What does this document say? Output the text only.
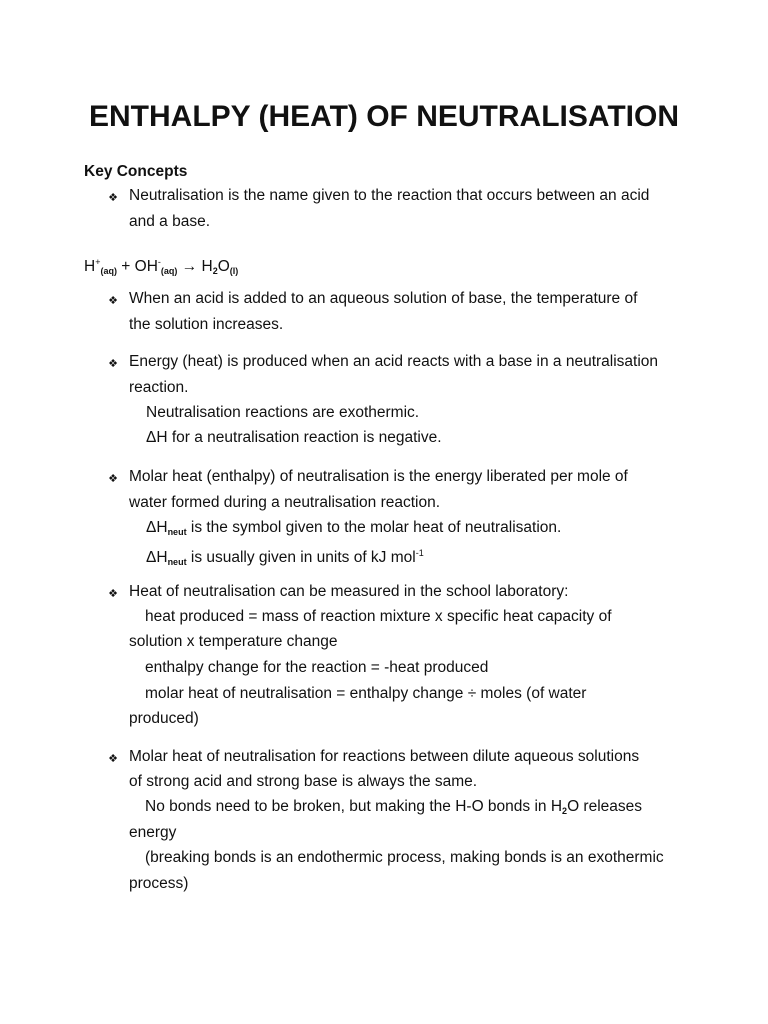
ENTHALPY (HEAT) OF NEUTRALISATION
Key Concepts
❖ Neutralisation is the name given to the reaction that occurs between an acid
and a base.
$H^+_{(aq)} + OH^-_{(aq)} \to H_2O_{(l)}$
❖ When an acid is added to an aqueous solution of base, the temperature of
the solution increases.
❖ Energy (heat) is produced when an acid reacts with a base in a neutralisation
reaction.
Neutralisation reactions are exothermic.
ΔH for a neutralisation reaction is negative.
❖ Molar heat (enthalpy) of neutralisation is the energy liberated per mole of
water formed during a neutralisation reaction.
$\Delta H_{neut}$ is the symbol given to the molar heat of neutralisation.
$\Delta H_{neut}$ is usually given in units of kJ mol$^{-1}$
❖ Heat of neutralisation can be measured in the school laboratory:
heat produced = mass of reaction mixture x specific heat capacity of
solution x temperature change
enthalpy change for the reaction = -heat produced
molar heat of neutralisation = enthalpy change ÷ moles (of water
produced)
❖ Molar heat of neutralisation for reactions between dilute aqueous solutions
of strong acid and strong base is always the same.
No bonds need to be broken, but making the H-O bonds in $H_2O$ releases
energy
(breaking bonds is an endothermic process, making bonds is an exothermic
process)
